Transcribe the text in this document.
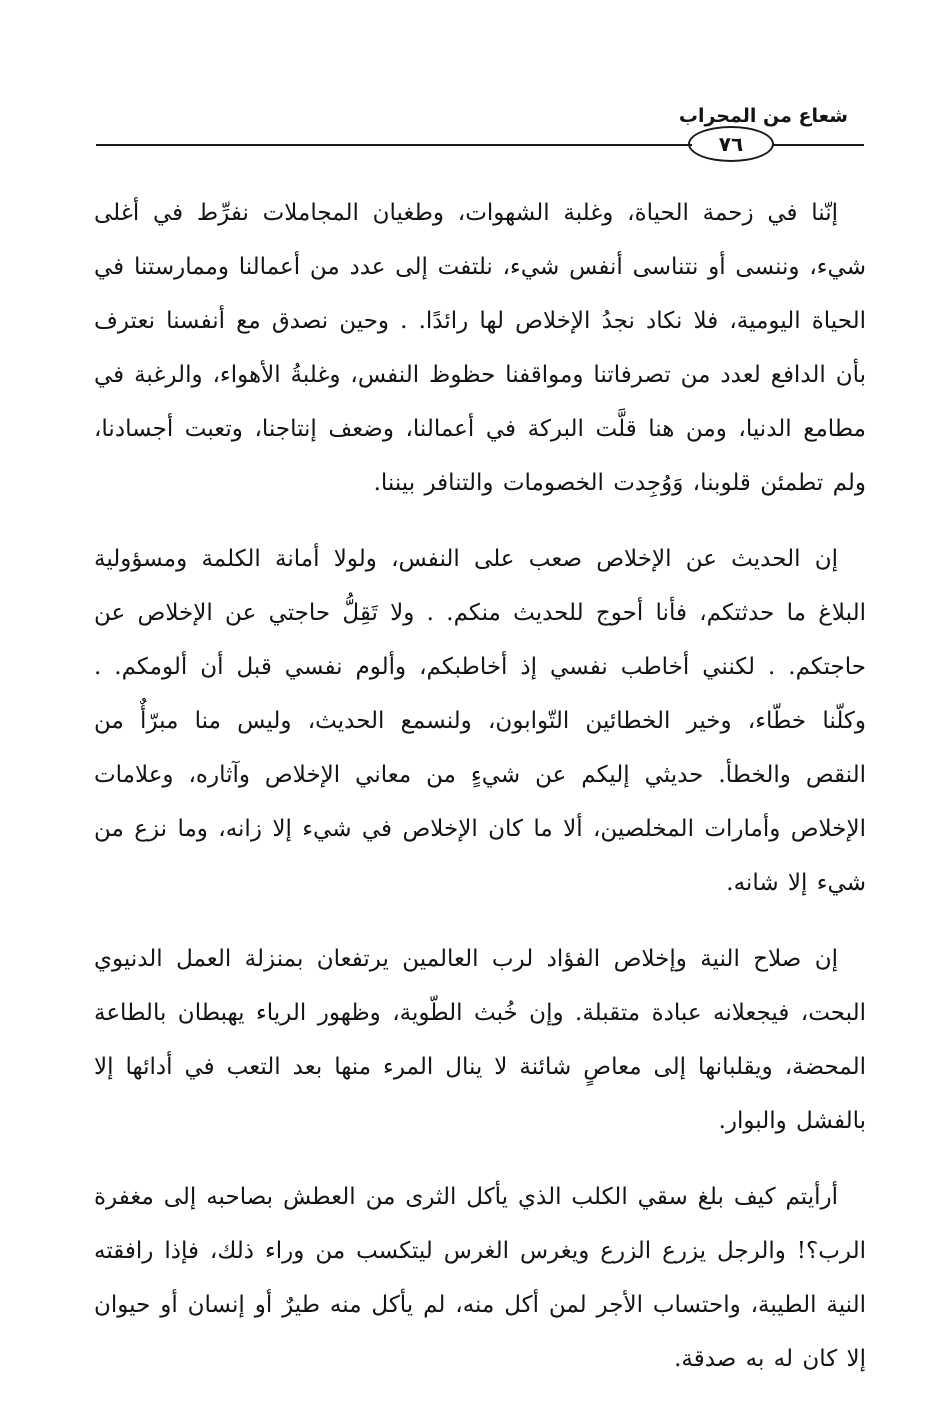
شعاع من المحراب
٧٦

إنّنا في زحمة الحياة، وغلبة الشهوات، وطغيان المجاملات نفرِّط في أغلى شيء، وننسى أو نتناسى أنفس شيء، نلتفت إلى عدد من أعمالنا وممارستنا في الحياة اليومية، فلا نكاد نجدُ الإخلاص لها رائدًا. . وحين نصدق مع أنفسنا نعترف بأن الدافع لعدد من تصرفاتنا ومواقفنا حظوظ النفس، وغلبةُ الأهواء، والرغبة في مطامع الدنيا، ومن هنا قلَّت البركة في أعمالنا، وضعف إنتاجنا، وتعبت أجسادنا، ولم تطمئن قلوبنا، وَوُجِدت الخصومات والتنافر بيننا.

إن الحديث عن الإخلاص صعب على النفس، ولولا أمانة الكلمة ومسؤولية البلاغ ما حدثتكم، فأنا أحوج للحديث منكم. . ولا تَقِلُّ حاجتي عن الإخلاص عن حاجتكم. . لكنني أخاطب نفسي إذ أخاطبكم، وألوم نفسي قبل أن ألومكم. . وكلّنا خطّاء، وخير الخطائين التّوابون، ولنسمع الحديث، وليس منا مبرّأٌ من النقص والخطأ. حديثي إليكم عن شيءٍ من معاني الإخلاص وآثاره، وعلامات الإخلاص وأمارات المخلصين، ألا ما كان الإخلاص في شيء إلا زانه، وما نزع من شيء إلا شانه.

إن صلاح النية وإخلاص الفؤاد لرب العالمين يرتفعان بمنزلة العمل الدنيوي البحت، فيجعلانه عبادة متقبلة. وإن خُبث الطّوية، وظهور الرياء يهبطان بالطاعة المحضة، ويقلبانها إلى معاصٍ شائنة لا ينال المرء منها بعد التعب في أدائها إلا بالفشل والبوار.

أرأيتم كيف بلغ سقي الكلب الذي يأكل الثرى من العطش بصاحبه إلى مغفرة الرب؟! والرجل يزرع الزرع ويغرس الغرس ليتكسب من وراء ذلك، فإذا رافقته النية الطيبة، واحتساب الأجر لمن أكل منه، لم يأكل منه طيرٌ أو إنسان أو حيوان إلا كان له به صدقة.
